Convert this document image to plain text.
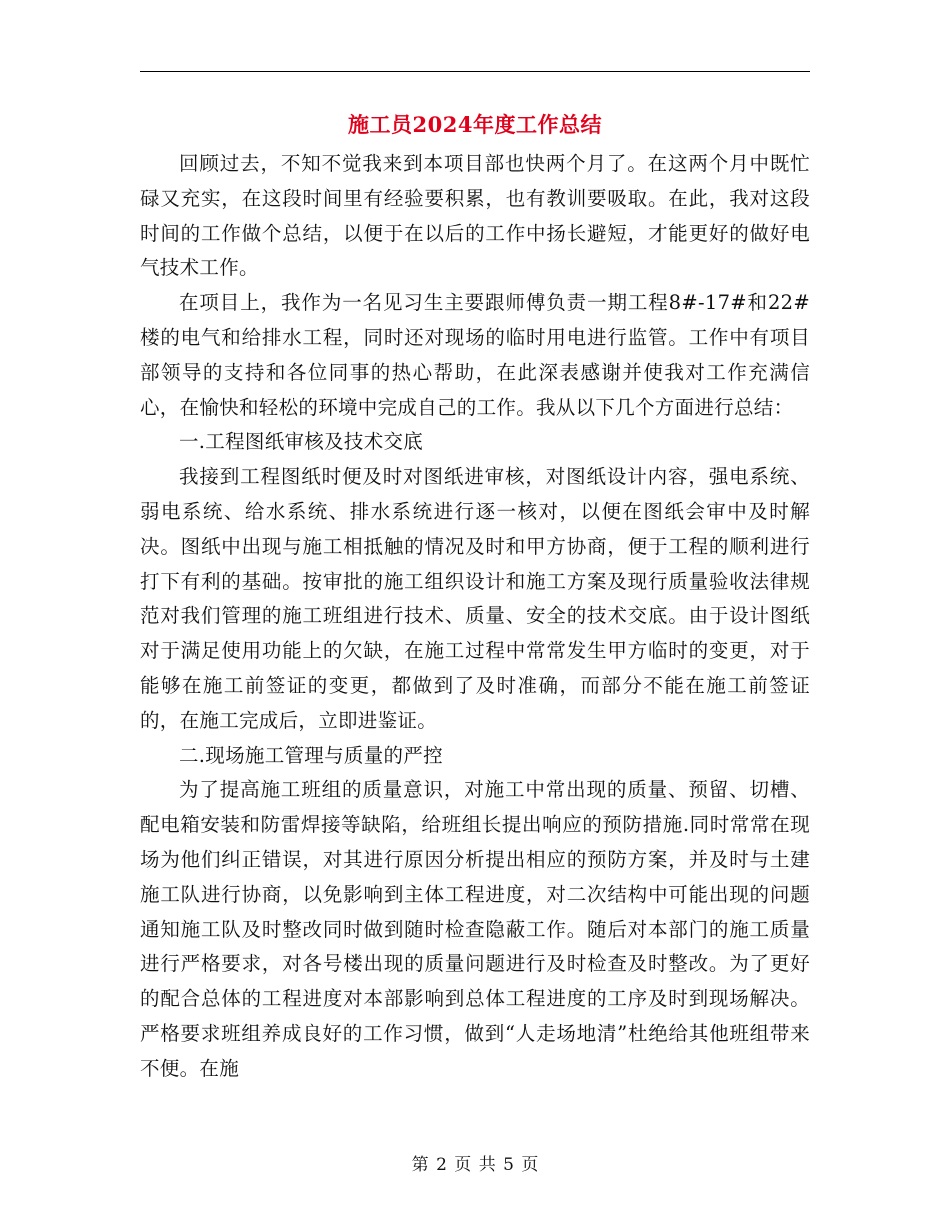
施工员2024年度工作总结

回顾过去，不知不觉我来到本项目部也快两个月了。在这两个月中既忙碌又充实，在这段时间里有经验要积累，也有教训要吸取。在此，我对这段时间的工作做个总结，以便于在以后的工作中扬长避短，才能更好的做好电气技术工作。

在项目上，我作为一名见习生主要跟师傅负责一期工程8#-17#和22#楼的电气和给排水工程，同时还对现场的临时用电进行监管。工作中有项目部领导的支持和各位同事的热心帮助，在此深表感谢并使我对工作充满信心，在愉快和轻松的环境中完成自己的工作。我从以下几个方面进行总结：

一.工程图纸审核及技术交底

我接到工程图纸时便及时对图纸进审核，对图纸设计内容，强电系统、弱电系统、给水系统、排水系统进行逐一核对，以便在图纸会审中及时解决。图纸中出现与施工相抵触的情况及时和甲方协商，便于工程的顺利进行打下有利的基础。按审批的施工组织设计和施工方案及现行质量验收法律规范对我们管理的施工班组进行技术、质量、安全的技术交底。由于设计图纸对于满足使用功能上的欠缺，在施工过程中常常发生甲方临时的变更，对于能够在施工前签证的变更，都做到了及时准确，而部分不能在施工前签证的，在施工完成后，立即进鉴证。

二.现场施工管理与质量的严控

为了提高施工班组的质量意识，对施工中常出现的质量、预留、切槽、配电箱安装和防雷焊接等缺陷，给班组长提出响应的预防措施.同时常常在现场为他们纠正错误，对其进行原因分析提出相应的预防方案，并及时与土建施工队进行协商，以免影响到主体工程进度，对二次结构中可能出现的问题通知施工队及时整改同时做到随时检查隐蔽工作。随后对本部门的施工质量进行严格要求，对各号楼出现的质量问题进行及时检查及时整改。为了更好的配合总体的工程进度对本部影响到总体工程进度的工序及时到现场解决。严格要求班组养成良好的工作习惯，做到“人走场地清”杜绝给其他班组带来不便。在施

第 2 页 共 5 页
